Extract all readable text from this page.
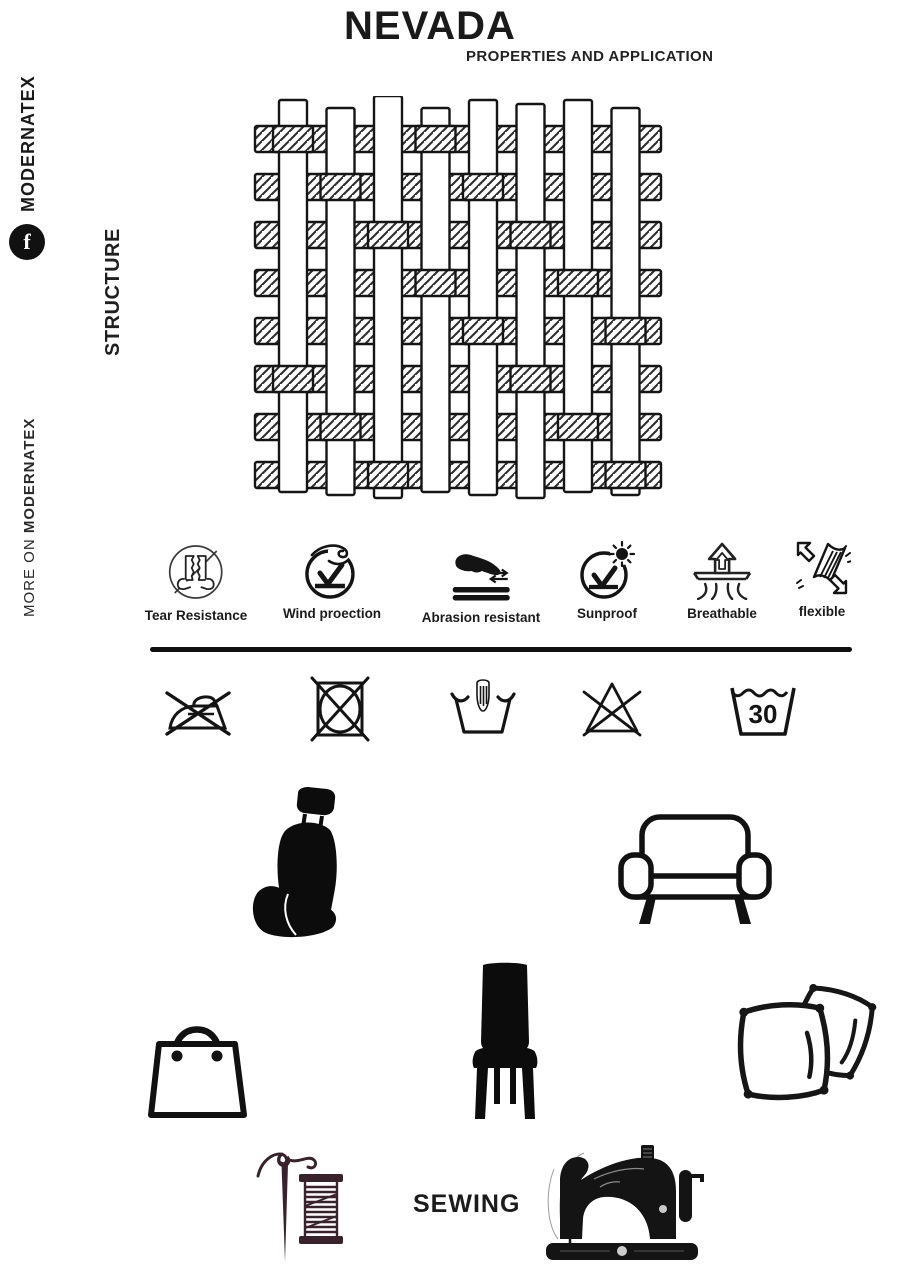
NEVADA
PROPERTIES AND APPLICATION
MODERNATEX
f
MORE ON MODERNATEX
STRUCTURE
Tear Resistance	Wind proection	Abrasion resistant	Sunproof	Breathable	flexible
30
SEWING
